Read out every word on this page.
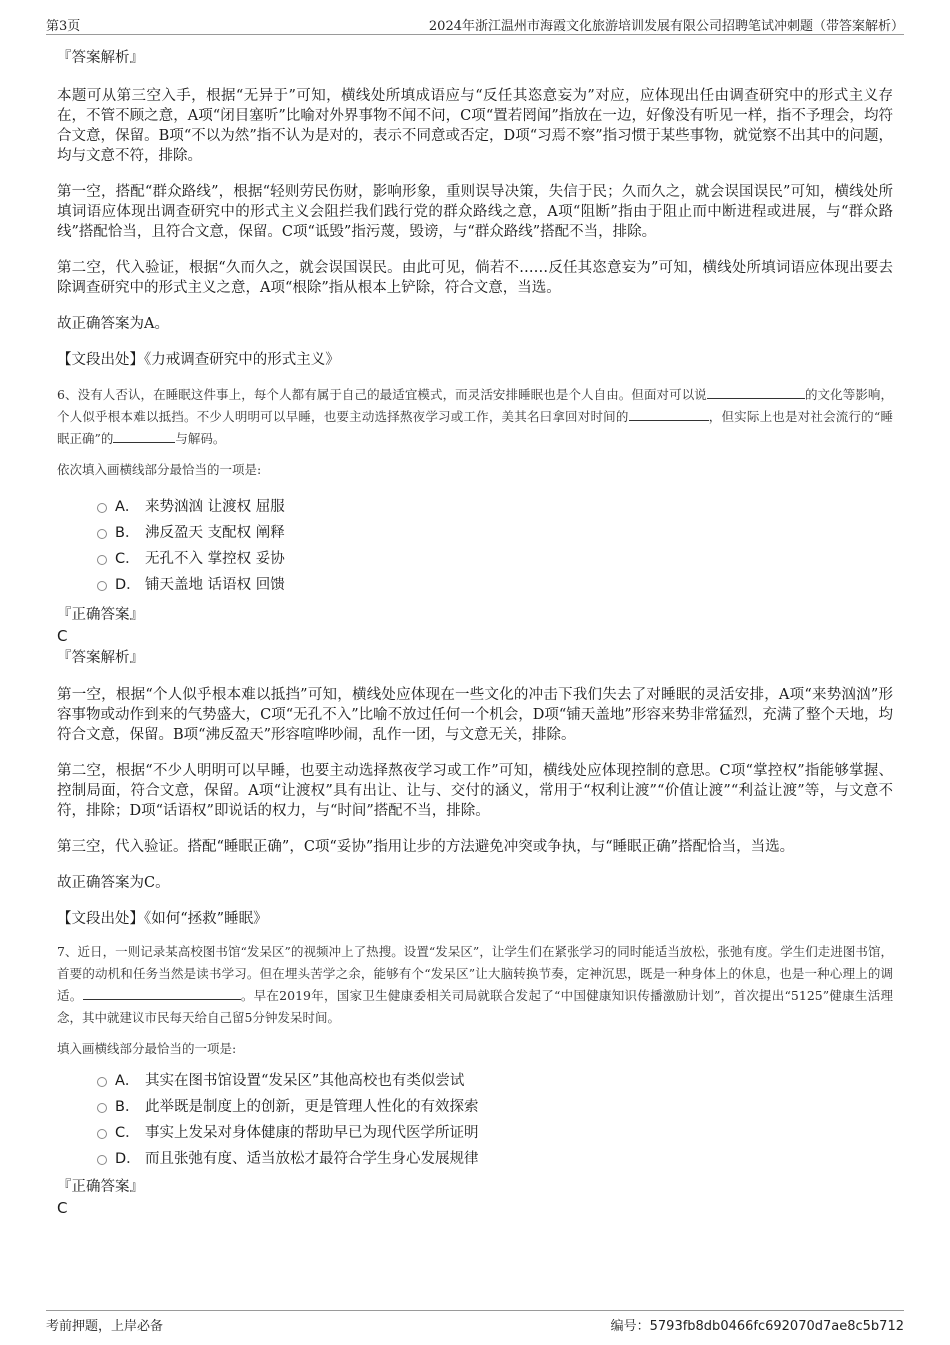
第3页	2024年浙江温州市海霞文化旅游培训发展有限公司招聘笔试冲刺题（带答案解析）

『答案解析』

本题可从第三空入手，根据“无异于”可知，横线处所填成语应与“反任其恣意妄为”对应，应体现出任由调查研究中的形式主义存在，不管不顾之意，A项“闭目塞听”比喻对外界事物不闻不问，C项“置若罔闻”指放在一边，好像没有听见一样，指不予理会，均符合文意，保留。B项“不以为然”指不认为是对的，表示不同意或否定，D项“习焉不察”指习惯于某些事物，就觉察不出其中的问题，均与文意不符，排除。

第一空，搭配“群众路线”，根据“轻则劳民伤财，影响形象，重则误导决策，失信于民；久而久之，就会误国误民”可知，横线处所填词语应体现出调查研究中的形式主义会阻拦我们践行党的群众路线之意，A项“阻断”指由于阻止而中断进程或进展，与“群众路线”搭配恰当，且符合文意，保留。C项“诋毁”指污蔑，毁谤，与“群众路线”搭配不当，排除。

第二空，代入验证，根据“久而久之，就会误国误民。由此可见，倘若不……反任其恣意妄为”可知，横线处所填词语应体现出要去除调查研究中的形式主义之意，A项“根除”指从根本上铲除，符合文意，当选。

故正确答案为A。

【文段出处】《力戒调查研究中的形式主义》

6、没有人否认，在睡眠这件事上，每个人都有属于自己的最适宜模式，而灵活安排睡眠也是个人自由。但面对可以说	的文化等影响，个人似乎根本难以抵挡。不少人明明可以早睡，也要主动选择熬夜学习或工作，美其名曰拿回对时间的	，但实际上也是对社会流行的“睡眠正确”的	与解码。

依次填入画横线部分最恰当的一项是:

A． 来势汹汹 让渡权 屈服
B． 沸反盈天 支配权 阐释
C． 无孔不入 掌控权 妥协
D． 铺天盖地 话语权 回馈

『正确答案』

C

『答案解析』

第一空，根据“个人似乎根本难以抵挡”可知，横线处应体现在一些文化的冲击下我们失去了对睡眠的灵活安排，A项“来势汹汹”形容事物或动作到来的气势盛大，C项“无孔不入”比喻不放过任何一个机会，D项“铺天盖地”形容来势非常猛烈，充满了整个天地，均符合文意，保留。B项“沸反盈天”形容喧哗吵闹，乱作一团，与文意无关，排除。

第二空，根据“不少人明明可以早睡，也要主动选择熬夜学习或工作”可知，横线处应体现控制的意思。C项“掌控权”指能够掌握、控制局面，符合文意，保留。A项“让渡权”具有出让、让与、交付的涵义，常用于“权利让渡”“价值让渡”“利益让渡”等，与文意不符，排除；D项“话语权”即说话的权力，与“时间”搭配不当，排除。

第三空，代入验证。搭配“睡眠正确”，C项“妥协”指用让步的方法避免冲突或争执，与“睡眠正确”搭配恰当，当选。

故正确答案为C。

【文段出处】《如何“拯救”睡眠》

7、近日，一则记录某高校图书馆“发呆区”的视频冲上了热搜。设置“发呆区”，让学生们在紧张学习的同时能适当放松，张弛有度。学生们走进图书馆，首要的动机和任务当然是读书学习。但在埋头苦学之余，能够有个“发呆区”让大脑转换节奏，定神沉思，既是一种身体上的休息，也是一种心理上的调适。	。早在2019年，国家卫生健康委相关司局就联合发起了“中国健康知识传播激励计划”，首次提出“5125”健康生活理念，其中就建议市民每天给自己留5分钟发呆时间。

填入画横线部分最恰当的一项是:

A． 其实在图书馆设置“发呆区”其他高校也有类似尝试
B． 此举既是制度上的创新，更是管理人性化的有效探索
C． 事实上发呆对身体健康的帮助早已为现代医学所证明
D． 而且张弛有度、适当放松才最符合学生身心发展规律

『正确答案』

C

考前押题，上岸必备	编号：5793fb8db0466fc692070d7ae8c5b712
